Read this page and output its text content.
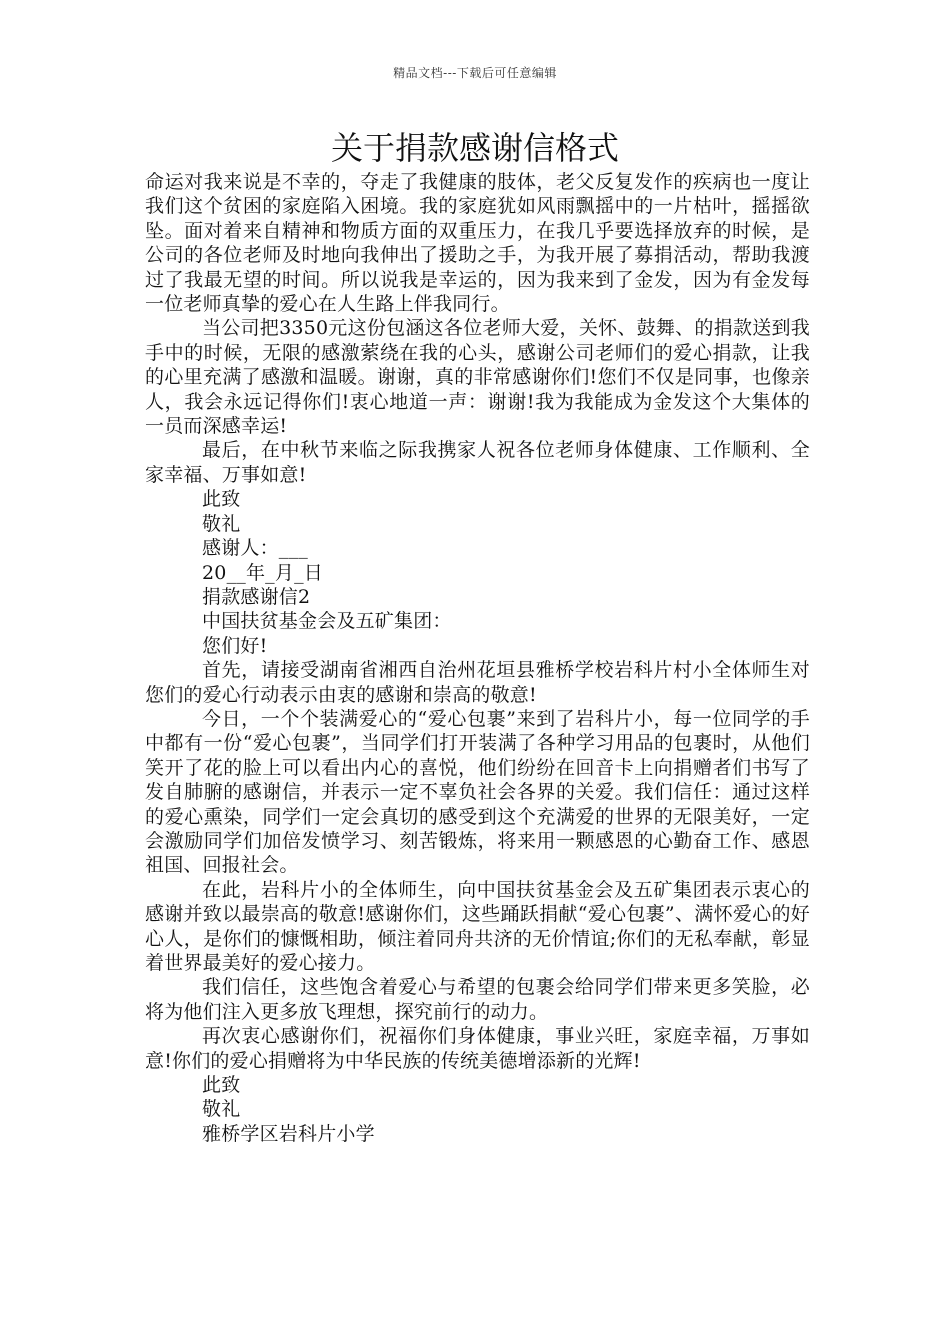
精品文档---下载后可任意编辑
关于捐款感谢信格式

命运对我来说是不幸的，夺走了我健康的肢体，老父反复发作的疾病也一度让我们这个贫困的家庭陷入困境。我的家庭犹如风雨飘摇中的一片枯叶，摇摇欲坠。面对着来自精神和物质方面的双重压力，在我几乎要选择放弃的时候，是公司的各位老师及时地向我伸出了援助之手，为我开展了募捐活动，帮助我渡过了我最无望的时间。所以说我是幸运的，因为我来到了金发，因为有金发每一位老师真挚的爱心在人生路上伴我同行。

当公司把3350元这份包涵这各位老师大爱，关怀、鼓舞、的捐款送到我手中的时候，无限的感激萦绕在我的心头，感谢公司老师们的爱心捐款，让我的心里充满了感激和温暖。谢谢，真的非常感谢你们!您们不仅是同事，也像亲人，我会永远记得你们!衷心地道一声：谢谢!我为我能成为金发这个大集体的一员而深感幸运!

最后，在中秋节来临之际我携家人祝各位老师身体健康、工作顺利、全家幸福、万事如意!

此致

敬礼

感谢人：___

20__年_月_日

捐款感谢信2

中国扶贫基金会及五矿集团：

您们好!

首先，请接受湖南省湘西自治州花垣县雅桥学校岩科片村小全体师生对您们的爱心行动表示由衷的感谢和崇高的敬意!

今日，一个个装满爱心的“爱心包裹”来到了岩科片小，每一位同学的手中都有一份“爱心包裹”，当同学们打开装满了各种学习用品的包裹时，从他们笑开了花的脸上可以看出内心的喜悦，他们纷纷在回音卡上向捐赠者们书写了发自肺腑的感谢信，并表示一定不辜负社会各界的关爱。我们信任：通过这样的爱心熏染，同学们一定会真切的感受到这个充满爱的世界的无限美好，一定会激励同学们加倍发愤学习、刻苦锻炼，将来用一颗感恩的心勤奋工作、感恩祖国、回报社会。

在此，岩科片小的全体师生，向中国扶贫基金会及五矿集团表示衷心的感谢并致以最崇高的敬意!感谢你们，这些踊跃捐献“爱心包裹”、满怀爱心的好心人，是你们的慷慨相助，倾注着同舟共济的无价情谊;你们的无私奉献，彰显着世界最美好的爱心接力。

我们信任，这些饱含着爱心与希望的包裹会给同学们带来更多笑脸，必将为他们注入更多放飞理想，探究前行的动力。

再次衷心感谢你们，祝福你们身体健康，事业兴旺，家庭幸福，万事如意!你们的爱心捐赠将为中华民族的传统美德增添新的光辉!

此致

敬礼

雅桥学区岩科片小学
